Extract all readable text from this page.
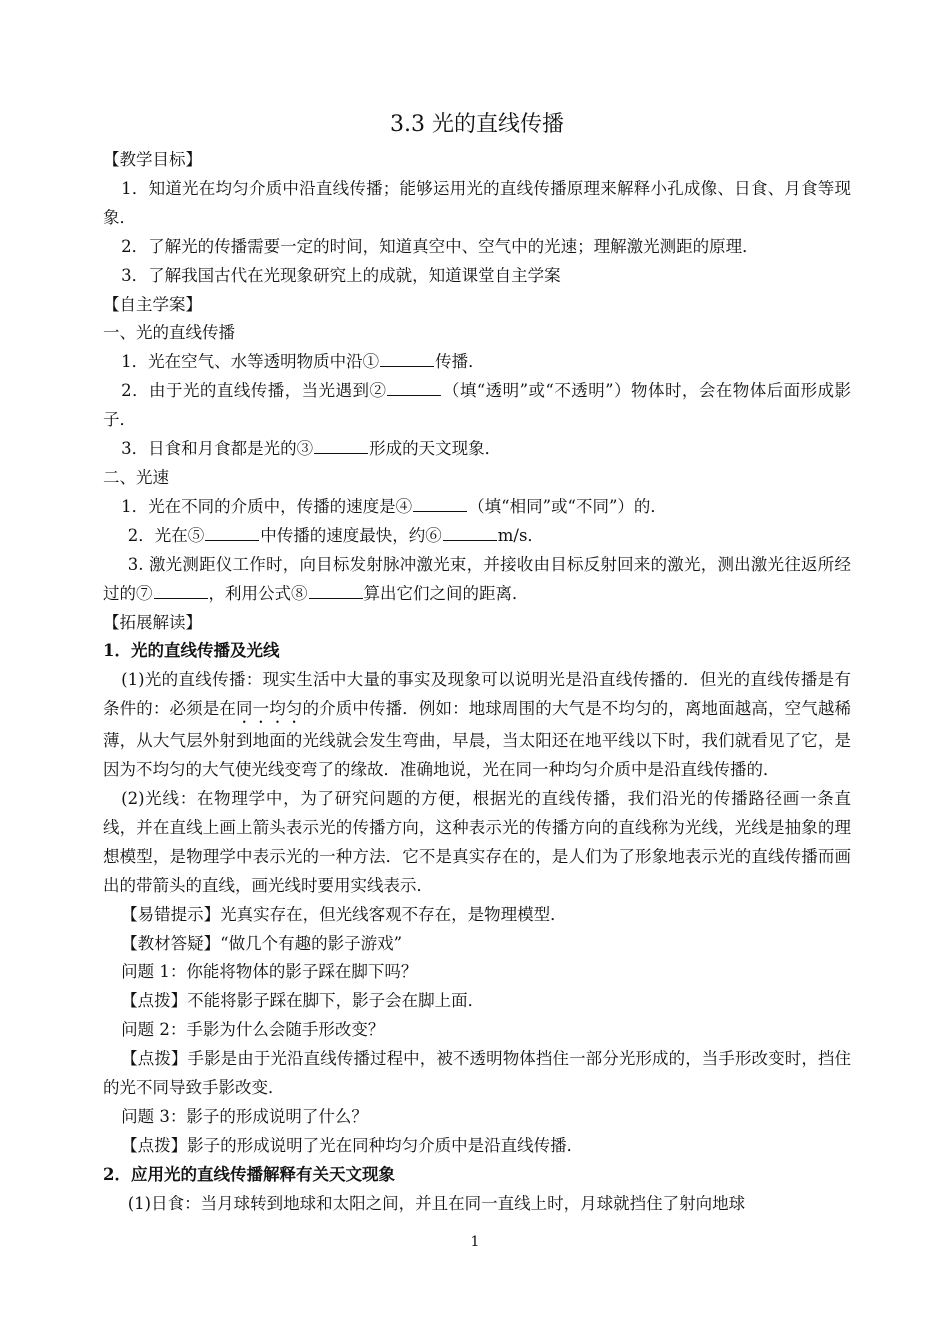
3.3 光的直线传播

【教学目标】

1．知道光在均匀介质中沿直线传播；能够运用光的直线传播原理来解释小孔成像、日食、月食等现象．

2．了解光的传播需要一定的时间，知道真空中、空气中的光速；理解激光测距的原理．

3．了解我国古代在光现象研究上的成就，知道课堂自主学案

【自主学案】

一、光的直线传播

1．光在空气、水等透明物质中沿①	传播．

2．由于光的直线传播，当光遇到②	（填“透明”或“不透明”）物体时，会在物体后面形成影子．

3．日食和月食都是光的③	形成的天文现象．

二、光速

1．光在不同的介质中，传播的速度是④	（填“相同”或“不同”）的．

2．光在⑤	中传播的速度最快，约⑥	m/s．

3. 激光测距仪工作时，向目标发射脉冲激光束，并接收由目标反射回来的激光，测出激光往返所经过的⑦	，利用公式⑧	算出它们之间的距离．

【拓展解读】

1．光的直线传播及光线

(1)光的直线传播：现实生活中大量的事实及现象可以说明光是沿直线传播的．但光的直线传播是有条件的：必须是在同一均匀的介质中传播．例如：地球周围的大气是不均匀的，离地面越高，空气越稀薄，从大气层外射到地面的光线就会发生弯曲，早晨，当太阳还在地平线以下时，我们就看见了它，是因为不均匀的大气使光线变弯了的缘故．准确地说，光在同一种均匀介质中是沿直线传播的．

(2)光线：在物理学中，为了研究问题的方便，根据光的直线传播，我们沿光的传播路径画一条直线，并在直线上画上箭头表示光的传播方向，这种表示光的传播方向的直线称为光线，光线是抽象的理想模型，是物理学中表示光的一种方法．它不是真实存在的，是人们为了形象地表示光的直线传播而画出的带箭头的直线，画光线时要用实线表示．

【易错提示】光真实存在，但光线客观不存在，是物理模型．

【教材答疑】“做几个有趣的影子游戏”

问题 1：你能将物体的影子踩在脚下吗？

【点拨】不能将影子踩在脚下，影子会在脚上面．

问题 2：手影为什么会随手形改变？

【点拨】手影是由于光沿直线传播过程中，被不透明物体挡住一部分光形成的，当手形改变时，挡住的光不同导致手影改变．

问题 3：影子的形成说明了什么？

【点拨】影子的形成说明了光在同种均匀介质中是沿直线传播．

2．应用光的直线传播解释有关天文现象

(1)日食：当月球转到地球和太阳之间，并且在同一直线上时，月球就挡住了射向地球

1
